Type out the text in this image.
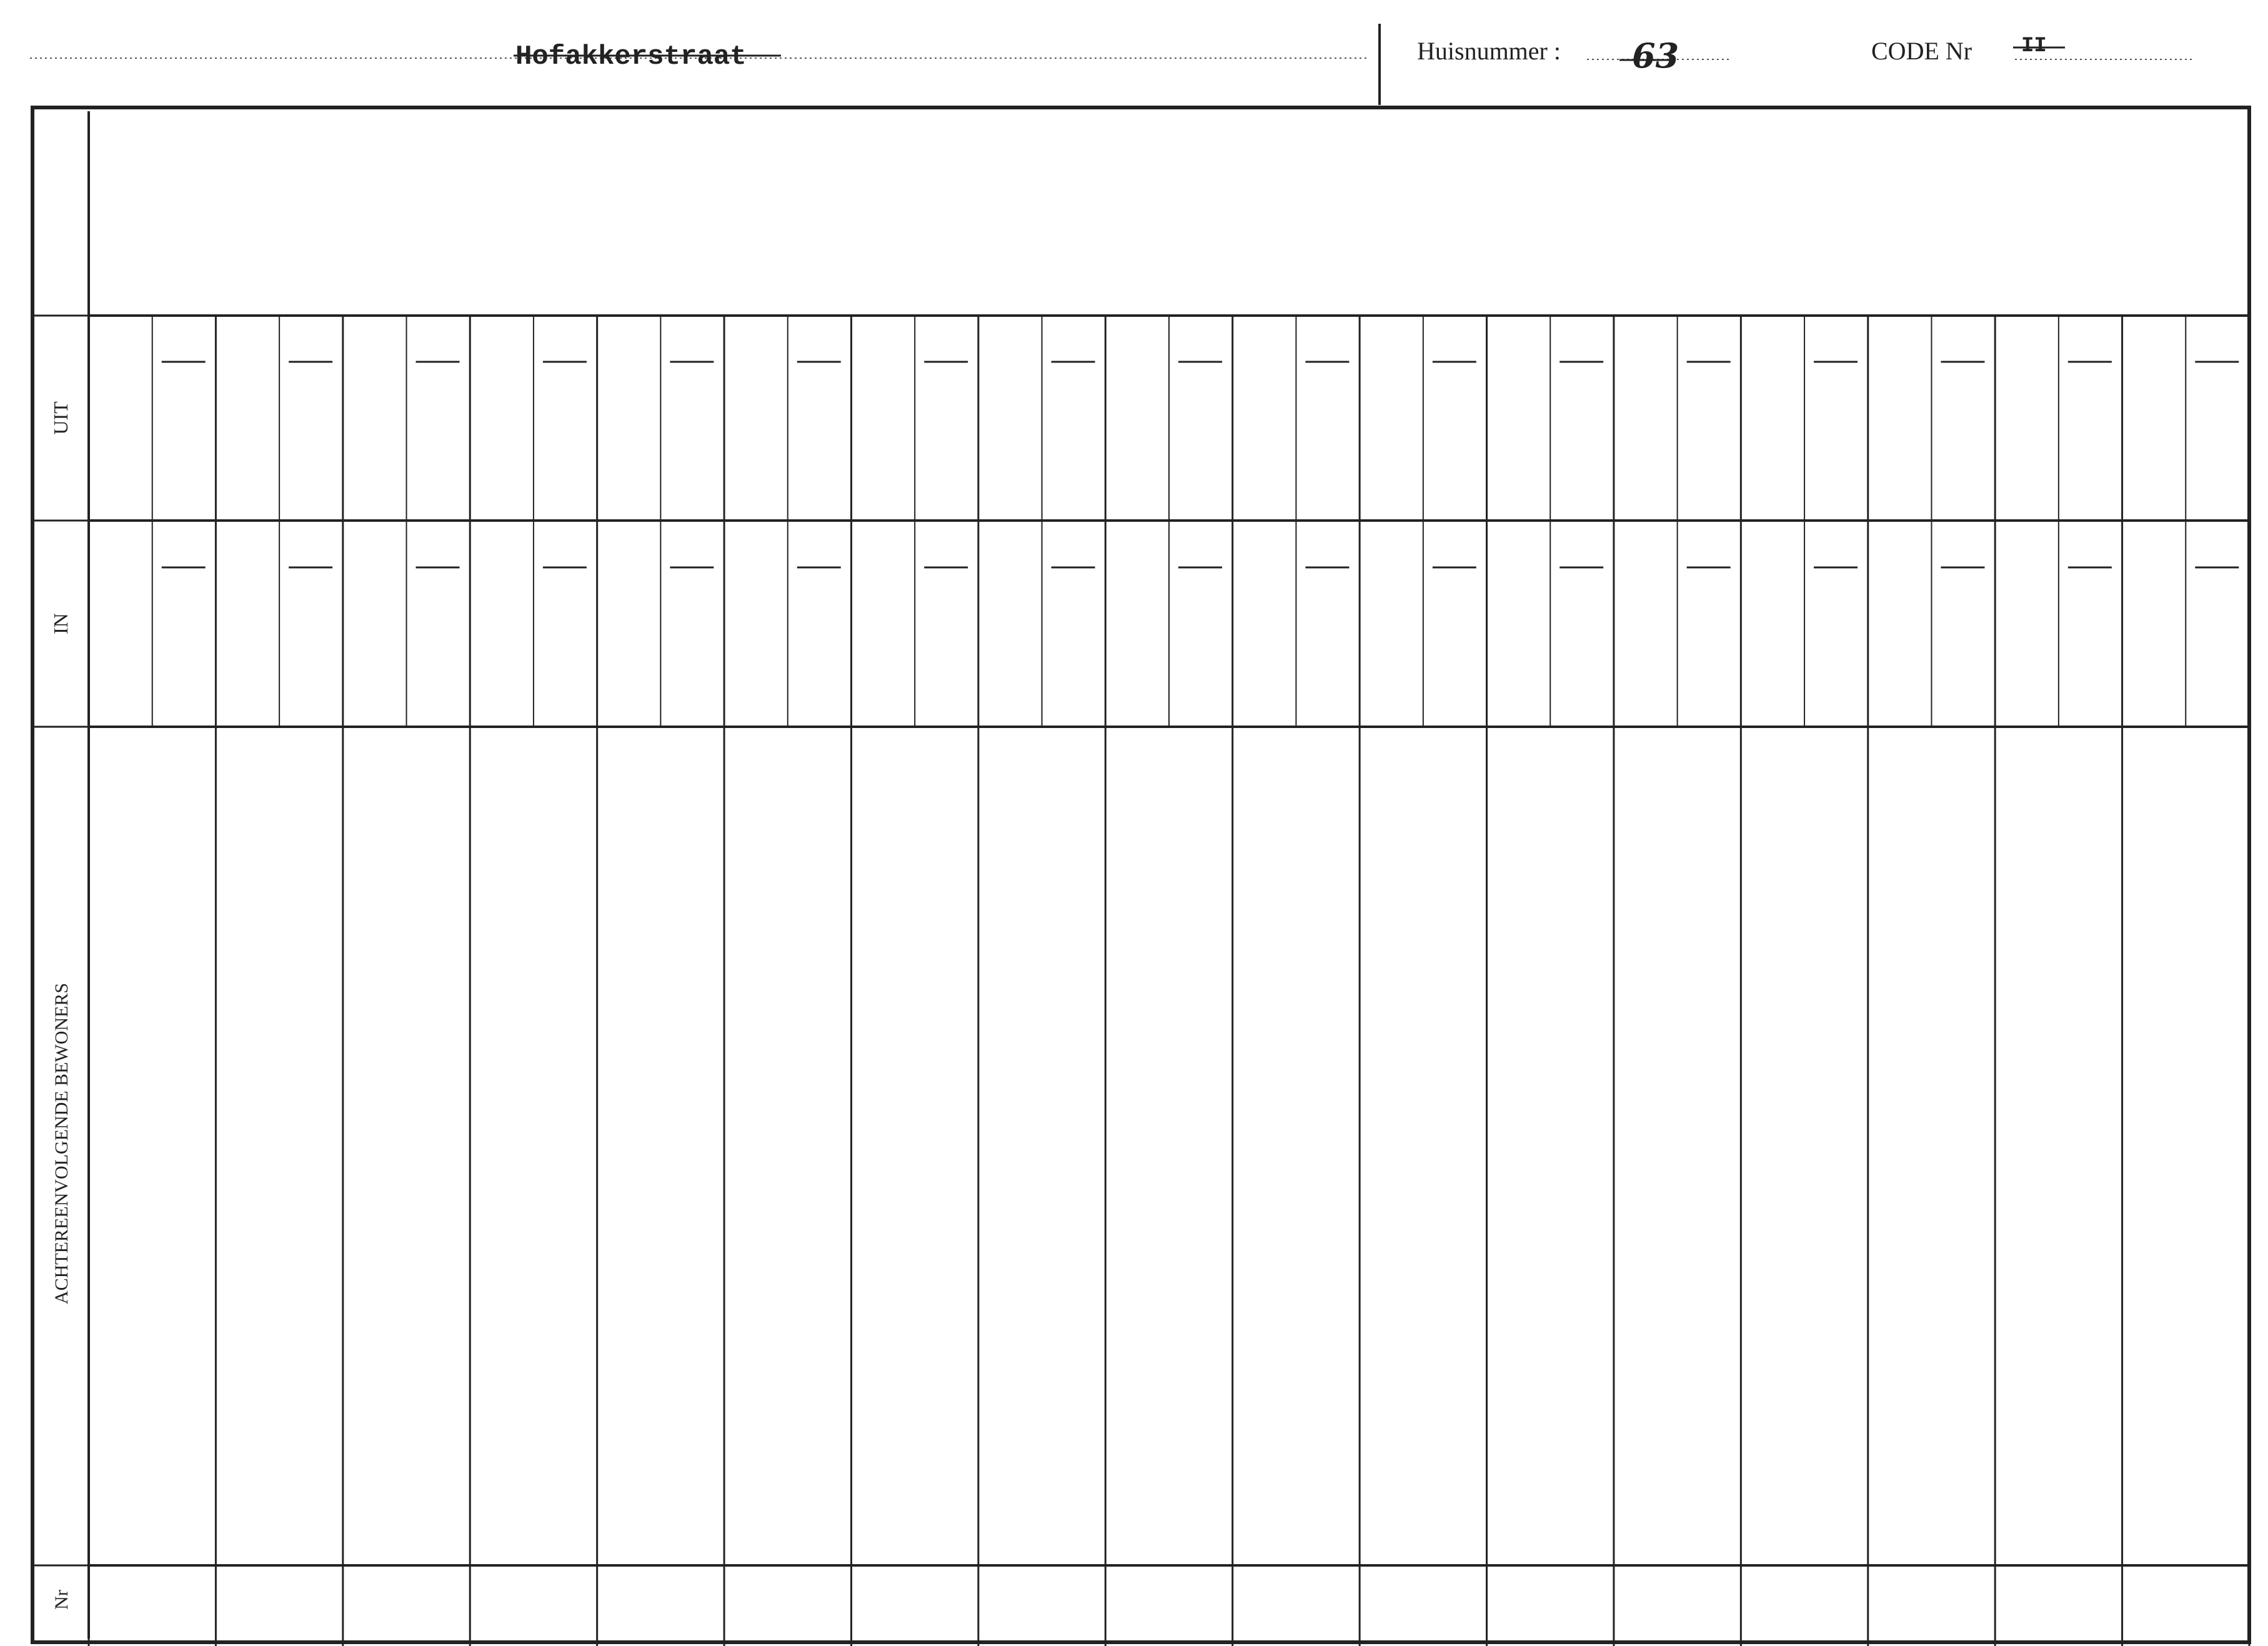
Hofakkerstraat	Huisnummer : 63	CODE Nr II
UIT
IN
ACHTEREENVOLGENDE BEWONERS
Nr
